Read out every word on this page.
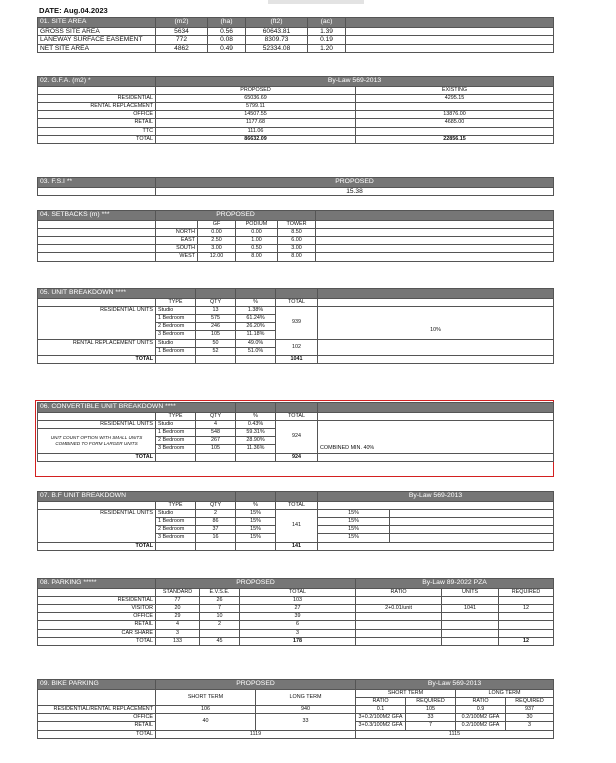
DATE: Aug.04.2023
01. SITE AREA	(m2)	(ha)	(ft2)	(ac)	
GROSS SITE AREA	5634	0.56	60643.81	1.39	
LANEWAY SURFACE EASEMENT	772	0.08	8309.73	0.19	
NET SITE AREA	4862	0.49	52334.08	1.20	
02. G.F.A. (m2) *	By-Law 569-2013	
	PROPOSED	EXISTING
RESIDENTIAL	65036.69	4295.15
RENTAL REPLACEMENT	5799.11	
OFFICE	14507.55	13876.00
RETAIL	1177.68	4685.00
TTC	111.06	
TOTAL	86632.09	22856.15
03. F.S.I **	PROPOSED
	15.38
04. SETBACKS (m) ***	PROPOSED				
		GF	PODIUM	TOWER	
	NORTH	0.00	0.00	8.50	
	EAST	2.50	1.00	6.00	
	SOUTH	3.00	0.50	3.00	
	WEST	12.00	8.00	8.00	
05. UNIT BREAKDOWN ****					
	TYPE	QTY	%	TOTAL	
RESIDENTIAL UNITS	Studio	13	1.38%	939	10%
	1 Bedroom	575	61.24%		
	2 Bedroom	246	26.20%		
	3 Bedroom	105	11.18%		
RENTAL REPLACEMENT UNITS	Studio	50	49.0%	102	
	1 Bedroom	52	51.0%		
TOTAL				1041	
06. CONVERTIBLE UNIT BREAKDOWN ****					
	TYPE	QTY	%	TOTAL	
RESIDENTIAL UNITS	Studio	4	0.43%	924	COMBINED MIN. 40%
UNIT COUNT OPTION WITH SMALL UNITS COMBINED TO FORM LARGER UNITS	1 Bedroom	548	59.31%		
	2 Bedroom	267	28.90%		
	3 Bedroom	105	11.36%		
TOTAL				924	
07. B.F UNIT BREAKDOWN					By-Law 569-2013	
	TYPE	QTY	%	TOTAL		
RESIDENTIAL UNITS	Studio	2	15%	141	15%	
	1 Bedroom	86	15%		15%	
	2 Bedroom	37	15%		15%	
	3 Bedroom	16	15%		15%	
TOTAL				141		
08. PARKING *****	PROPOSED			By-Law 89-2022 PZA		
	STANDARD	E.V.S.E.	TOTAL	RATIO	UNITS	REQUIRED
RESIDENTIAL	77	26	103			
VISITOR	20	7	27	2+0.01/unit	1041	12
OFFICE	29	10	39			
RETAIL	4	2	6			
CAR SHARE	3		3			
TOTAL	133	45	178			12
09. BIKE PARKING	PROPOSED		By-Law 569-2013			
	SHORT TERM	LONG TERM	SHORT TERM		LONG TERM	
			RATIO	REQUIRED	RATIO	REQUIRED
RESIDENTIAL/RENTAL REPLACEMENT	106	940	0.1	105	0.9	937
OFFICE	40	33	3+0.2/100M2 GFA	33	0.2/100M2 GFA	30
RETAIL			3+0.3/100M2 GFA	7	0.2/100M2 GFA	3
TOTAL	1119		1115			
